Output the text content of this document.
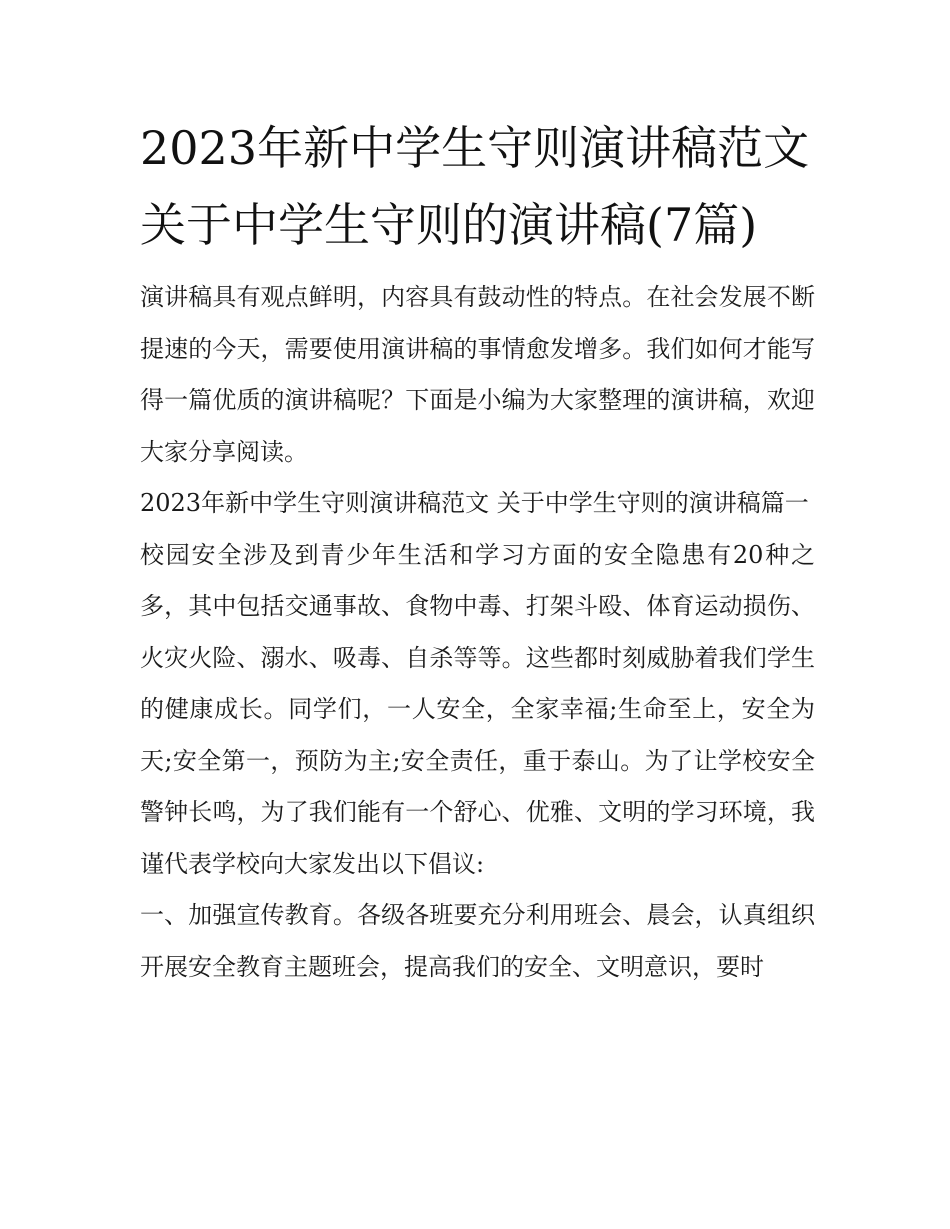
2023年新中学生守则演讲稿范文 关于中学生守则的演讲稿(7篇)

演讲稿具有观点鲜明，内容具有鼓动性的特点。在社会发展不断提速的今天，需要使用演讲稿的事情愈发增多。我们如何才能写得一篇优质的演讲稿呢？下面是小编为大家整理的演讲稿，欢迎大家分享阅读。

2023年新中学生守则演讲稿范文 关于中学生守则的演讲稿篇一

校园安全涉及到青少年生活和学习方面的安全隐患有20种之多，其中包括交通事故、食物中毒、打架斗殴、体育运动损伤、火灾火险、溺水、吸毒、自杀等等。这些都时刻威胁着我们学生的健康成长。同学们，一人安全，全家幸福;生命至上，安全为天;安全第一，预防为主;安全责任，重于泰山。为了让学校安全警钟长鸣，为了我们能有一个舒心、优雅、文明的学习环境，我谨代表学校向大家发出以下倡议:

一、加强宣传教育。各级各班要充分利用班会、晨会，认真组织开展安全教育主题班会，提高我们的安全、文明意识，要时
